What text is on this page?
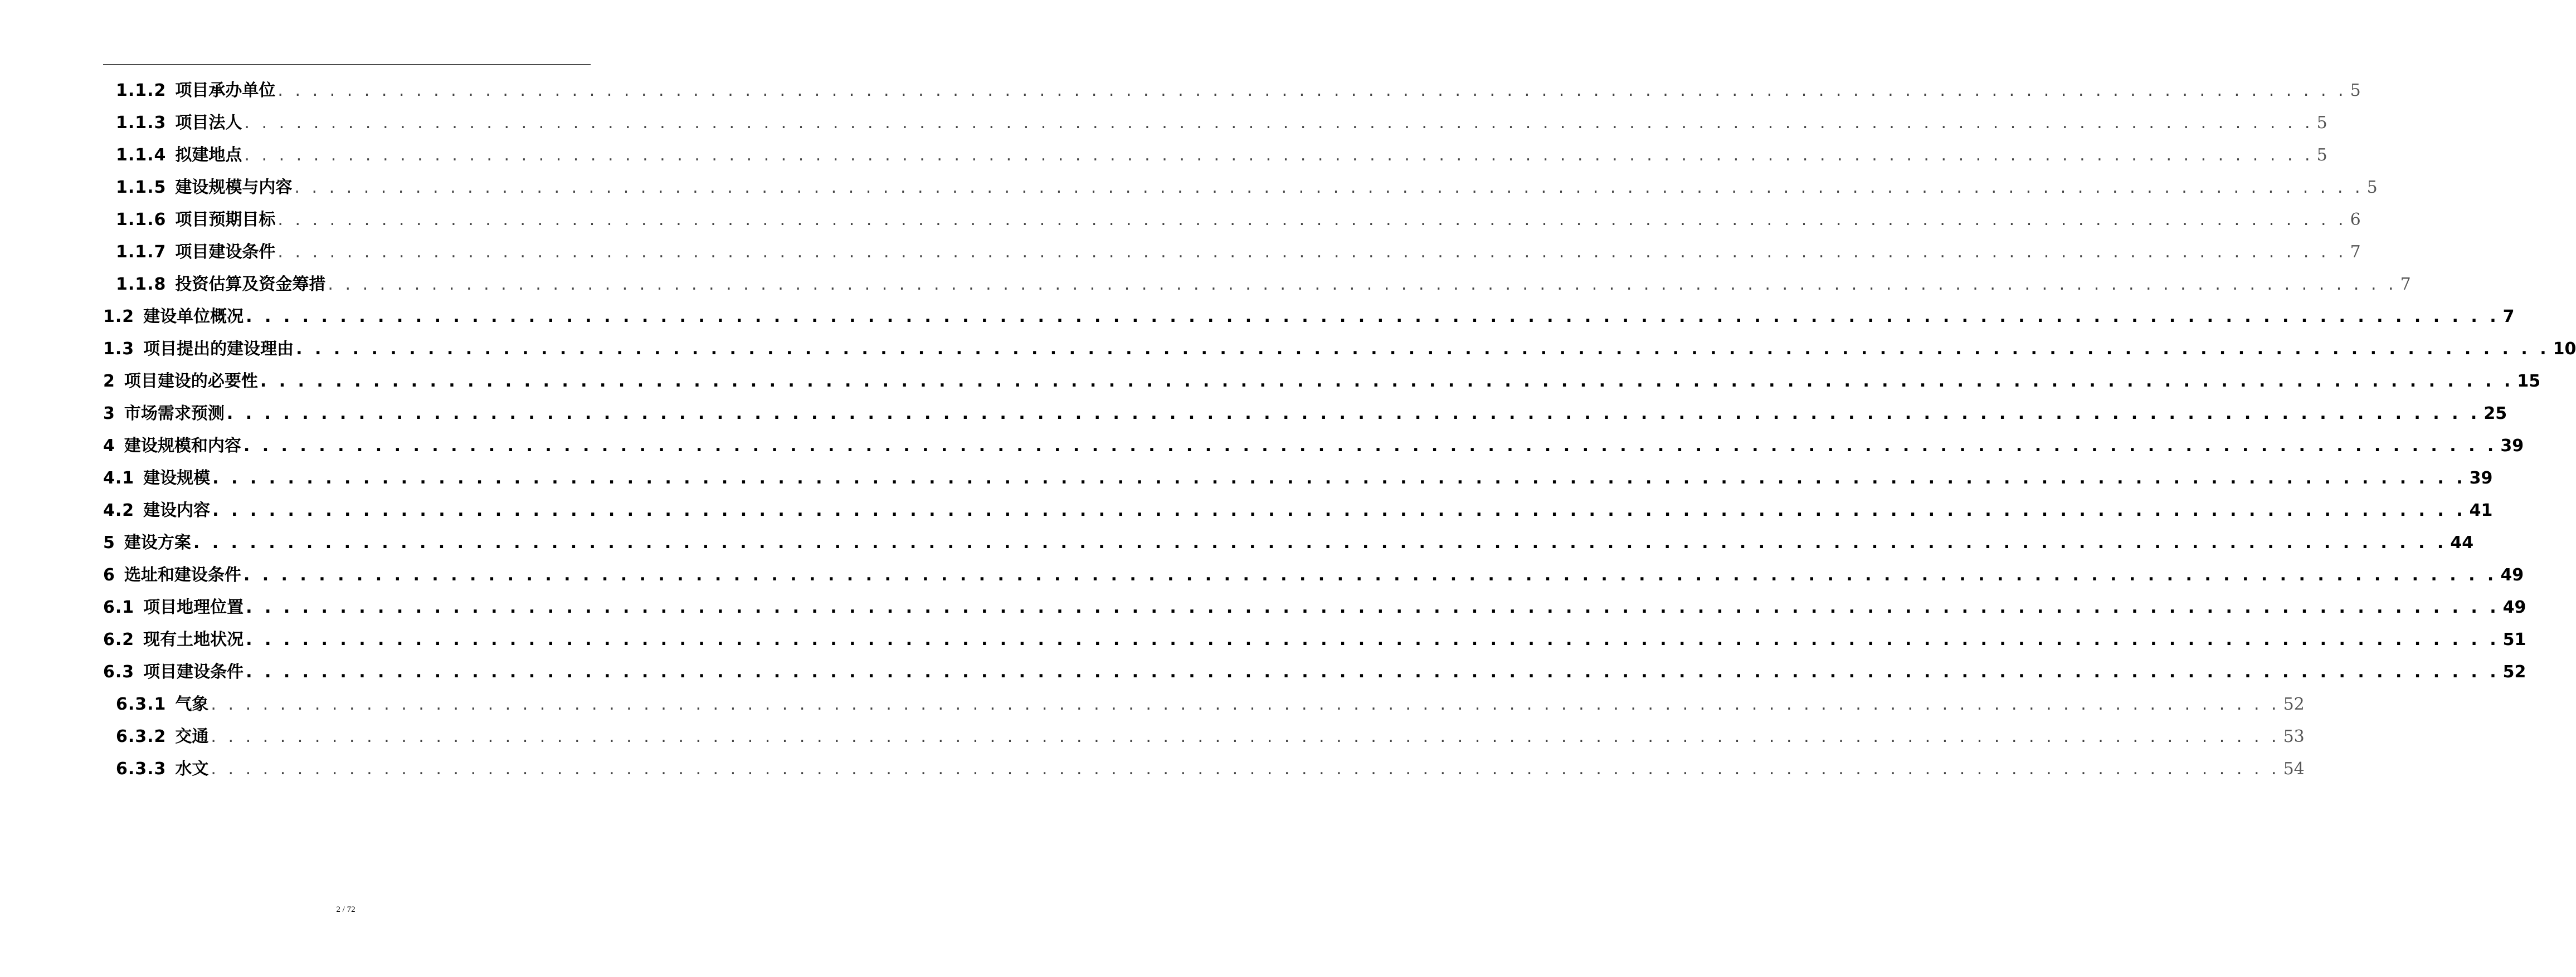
1.1.2 项目承办单位 . . . . . . . . . . . . . . . . . . . . . . . . . . . . . . . . . . . . . . . . . . . . . . . . . . . . . . . . . . . . . . . . . . . . . . . . . . . . . . . . . . . . . . . . . . . . . . . . . . . . . . . . . . . . . . . . . . . . . . . . 5
1.1.3 项目法人 . . . . . . . . . . . . . . . . . . . . . . . . . . . . . . . . . . . . . . . . . . . . . . . . . . . . . . . . . . . . . . . . . . . . . . . . . . . . . . . . . . . . . . . . . . . . . . . . . . . . . . . . . . . . . . . . . . . . . . . . 5
1.1.4 拟建地点 . . . . . . . . . . . . . . . . . . . . . . . . . . . . . . . . . . . . . . . . . . . . . . . . . . . . . . . . . . . . . . . . . . . . . . . . . . . . . . . . . . . . . . . . . . . . . . . . . . . . . . . . . . . . . . . . . . . . . . . . 5
1.1.5 建设规模与内容 . . . . . . . . . . . . . . . . . . . . . . . . . . . . . . . . . . . . . . . . . . . . . . . . . . . . . . . . . . . . . . . . . . . . . . . . . . . . . . . . . . . . . . . . . . . . . . . . . . . . . . . . . . . . . . . . . . . . . . . . 5
1.1.6 项目预期目标 . . . . . . . . . . . . . . . . . . . . . . . . . . . . . . . . . . . . . . . . . . . . . . . . . . . . . . . . . . . . . . . . . . . . . . . . . . . . . . . . . . . . . . . . . . . . . . . . . . . . . . . . . . . . . . . . . . . . . . . . 6
1.1.7 项目建设条件 . . . . . . . . . . . . . . . . . . . . . . . . . . . . . . . . . . . . . . . . . . . . . . . . . . . . . . . . . . . . . . . . . . . . . . . . . . . . . . . . . . . . . . . . . . . . . . . . . . . . . . . . . . . . . . . . . . . . . . . . 7
1.1.8 投资估算及资金筹措 . . . . . . . . . . . . . . . . . . . . . . . . . . . . . . . . . . . . . . . . . . . . . . . . . . . . . . . . . . . . . . . . . . . . . . . . . . . . . . . . . . . . . . . . . . . . . . . . . . . . . . . . . . . . . . . . . . . . . . . . 7
1.2 建设单位概况 . . . . . . . . . . . . . . . . . . . . . . . . . . . . . . . . . . . . . . . . . . . . . . . . . . . . . . . . . . . . . . . . . . . . . . . . . . . . . . . . . . . . . . . . . . . . . . . . . . . . . . . . . . . . . . . . . . . . . . . . 7
1.3 项目提出的建设理由 . . . . . . . . . . . . . . . . . . . . . . . . . . . . . . . . . . . . . . . . . . . . . . . . . . . . . . . . . . . . . . . . . . . . . . . . . . . . . . . . . . . . . . . . . . . . . . . . . . . . . . . . . . . . . . . . . . . . . . . . 10
2 项目建设的必要性 . . . . . . . . . . . . . . . . . . . . . . . . . . . . . . . . . . . . . . . . . . . . . . . . . . . . . . . . . . . . . . . . . . . . . . . . . . . . . . . . . . . . . . . . . . . . . . . . . . . . . . . . . . . . . . . . . . . . . . . . 15
3 市场需求预测 . . . . . . . . . . . . . . . . . . . . . . . . . . . . . . . . . . . . . . . . . . . . . . . . . . . . . . . . . . . . . . . . . . . . . . . . . . . . . . . . . . . . . . . . . . . . . . . . . . . . . . . . . . . . . . . . . . . . . . . . 25
4 建设规模和内容 . . . . . . . . . . . . . . . . . . . . . . . . . . . . . . . . . . . . . . . . . . . . . . . . . . . . . . . . . . . . . . . . . . . . . . . . . . . . . . . . . . . . . . . . . . . . . . . . . . . . . . . . . . . . . . . . . . . . . . . . 39
4.1 建设规模 . . . . . . . . . . . . . . . . . . . . . . . . . . . . . . . . . . . . . . . . . . . . . . . . . . . . . . . . . . . . . . . . . . . . . . . . . . . . . . . . . . . . . . . . . . . . . . . . . . . . . . . . . . . . . . . . . . . . . . . . 39
4.2 建设内容 . . . . . . . . . . . . . . . . . . . . . . . . . . . . . . . . . . . . . . . . . . . . . . . . . . . . . . . . . . . . . . . . . . . . . . . . . . . . . . . . . . . . . . . . . . . . . . . . . . . . . . . . . . . . . . . . . . . . . . . . 41
5 建设方案 . . . . . . . . . . . . . . . . . . . . . . . . . . . . . . . . . . . . . . . . . . . . . . . . . . . . . . . . . . . . . . . . . . . . . . . . . . . . . . . . . . . . . . . . . . . . . . . . . . . . . . . . . . . . . . . . . . . . . . . . 44
6 选址和建设条件 . . . . . . . . . . . . . . . . . . . . . . . . . . . . . . . . . . . . . . . . . . . . . . . . . . . . . . . . . . . . . . . . . . . . . . . . . . . . . . . . . . . . . . . . . . . . . . . . . . . . . . . . . . . . . . . . . . . . . . . . 49
6.1 项目地理位置 . . . . . . . . . . . . . . . . . . . . . . . . . . . . . . . . . . . . . . . . . . . . . . . . . . . . . . . . . . . . . . . . . . . . . . . . . . . . . . . . . . . . . . . . . . . . . . . . . . . . . . . . . . . . . . . . . . . . . . . . 49
6.2 现有土地状况 . . . . . . . . . . . . . . . . . . . . . . . . . . . . . . . . . . . . . . . . . . . . . . . . . . . . . . . . . . . . . . . . . . . . . . . . . . . . . . . . . . . . . . . . . . . . . . . . . . . . . . . . . . . . . . . . . . . . . . . . 51
6.3 项目建设条件 . . . . . . . . . . . . . . . . . . . . . . . . . . . . . . . . . . . . . . . . . . . . . . . . . . . . . . . . . . . . . . . . . . . . . . . . . . . . . . . . . . . . . . . . . . . . . . . . . . . . . . . . . . . . . . . . . . . . . . . . 52
6.3.1 气象 . . . . . . . . . . . . . . . . . . . . . . . . . . . . . . . . . . . . . . . . . . . . . . . . . . . . . . . . . . . . . . . . . . . . . . . . . . . . . . . . . . . . . . . . . . . . . . . . . . . . . . . . . . . . . . . . . . . . . . . . 52
6.3.2 交通 . . . . . . . . . . . . . . . . . . . . . . . . . . . . . . . . . . . . . . . . . . . . . . . . . . . . . . . . . . . . . . . . . . . . . . . . . . . . . . . . . . . . . . . . . . . . . . . . . . . . . . . . . . . . . . . . . . . . . . . . 53
6.3.3 水文 . . . . . . . . . . . . . . . . . . . . . . . . . . . . . . . . . . . . . . . . . . . . . . . . . . . . . . . . . . . . . . . . . . . . . . . . . . . . . . . . . . . . . . . . . . . . . . . . . . . . . . . . . . . . . . . . . . . . . . . . 54
2 / 72
